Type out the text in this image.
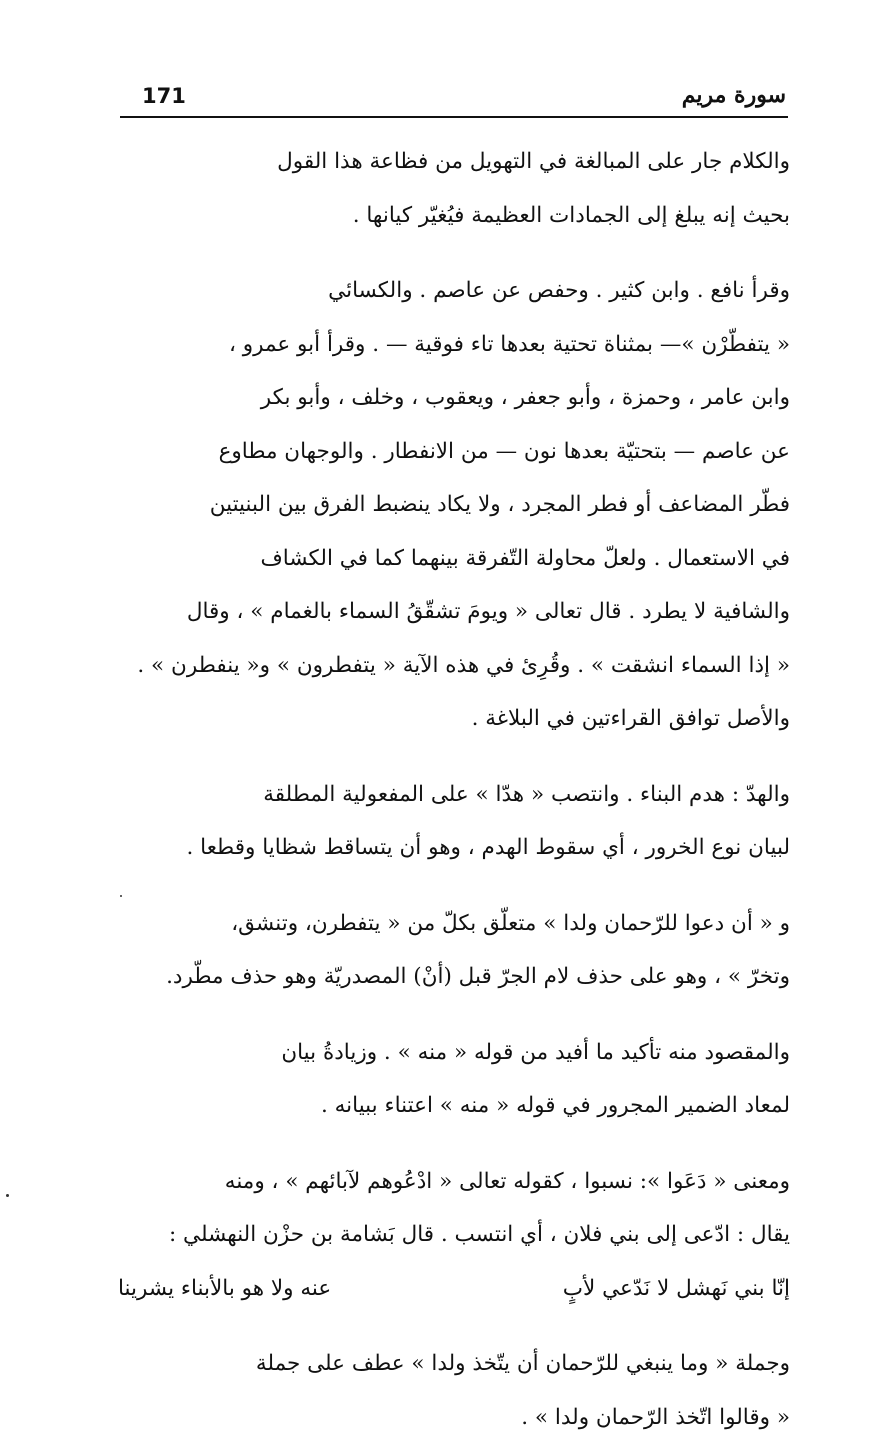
171	سورة مريم

والكلام جار على المبالغة في التهويل من فظاعة هذا القول
بحيث إنه يبلغ إلى الجمادات العظيمة فيُغيّر كيانها .

وقرأ نافع . وابن كثير . وحفص عن عاصم . والكسائي
« يتفطّرْن »— بمثناة تحتية بعدها تاء فوقية — . وقرأ أبو عمرو ،
وابن عامر ، وحمزة ، وأبو جعفر ، ويعقوب ، وخلف ، وأبو بكر
عن عاصم — بتحتيّة بعدها نون — من الانفطار . والوجهان مطاوع
فطّر المضاعف أو فطر المجرد ، ولا يكاد ينضبط الفرق بين البنيتين
في الاستعمال . ولعلّ محاولة التّفرقة بينهما كما في الكشاف
والشافية لا يطرد . قال تعالى « ويومَ تشقّقُ السماء بالغمام » ، وقال
« إذا السماء انشقت » . وقُرِئ في هذه الآية « يتفطرون » و« ينفطرن » .
والأصل توافق القراءتين في البلاغة .

والهدّ : هدم البناء . وانتصب « هدّا » على المفعولية المطلقة
لبيان نوع الخرور ، أي سقوط الهدم ، وهو أن يتساقط شظايا وقطعا .

و « أن دعوا للرّحمان ولدا » متعلّق بكلّ من « يتفطرن، وتنشق،
وتخرّ » ، وهو على حذف لام الجرّ قبل (أنْ) المصدريّة وهو حذف مطّرد.

والمقصود منه تأكيد ما أفيد من قوله « منه » . وزيادةُ بيان
لمعاد الضمير المجرور في قوله « منه » اعتناء ببيانه .

ومعنى « دَعَوا »: نسبوا ، كقوله تعالى « ادْعُوهم لآبائهم » ، ومنه
يقال : ادّعى إلى بني فلان ، أي انتسب . قال بَشامة بن حزْن النهشلي :

إنّا بني نَهشل لا نَدّعي لأبٍ
عنه ولا هو بالأبناء يشرينا

وجملة « وما ينبغي للرّحمان أن يتّخذ ولدا » عطف على جملة
« وقالوا اتّخذ الرّحمان ولدا » .
